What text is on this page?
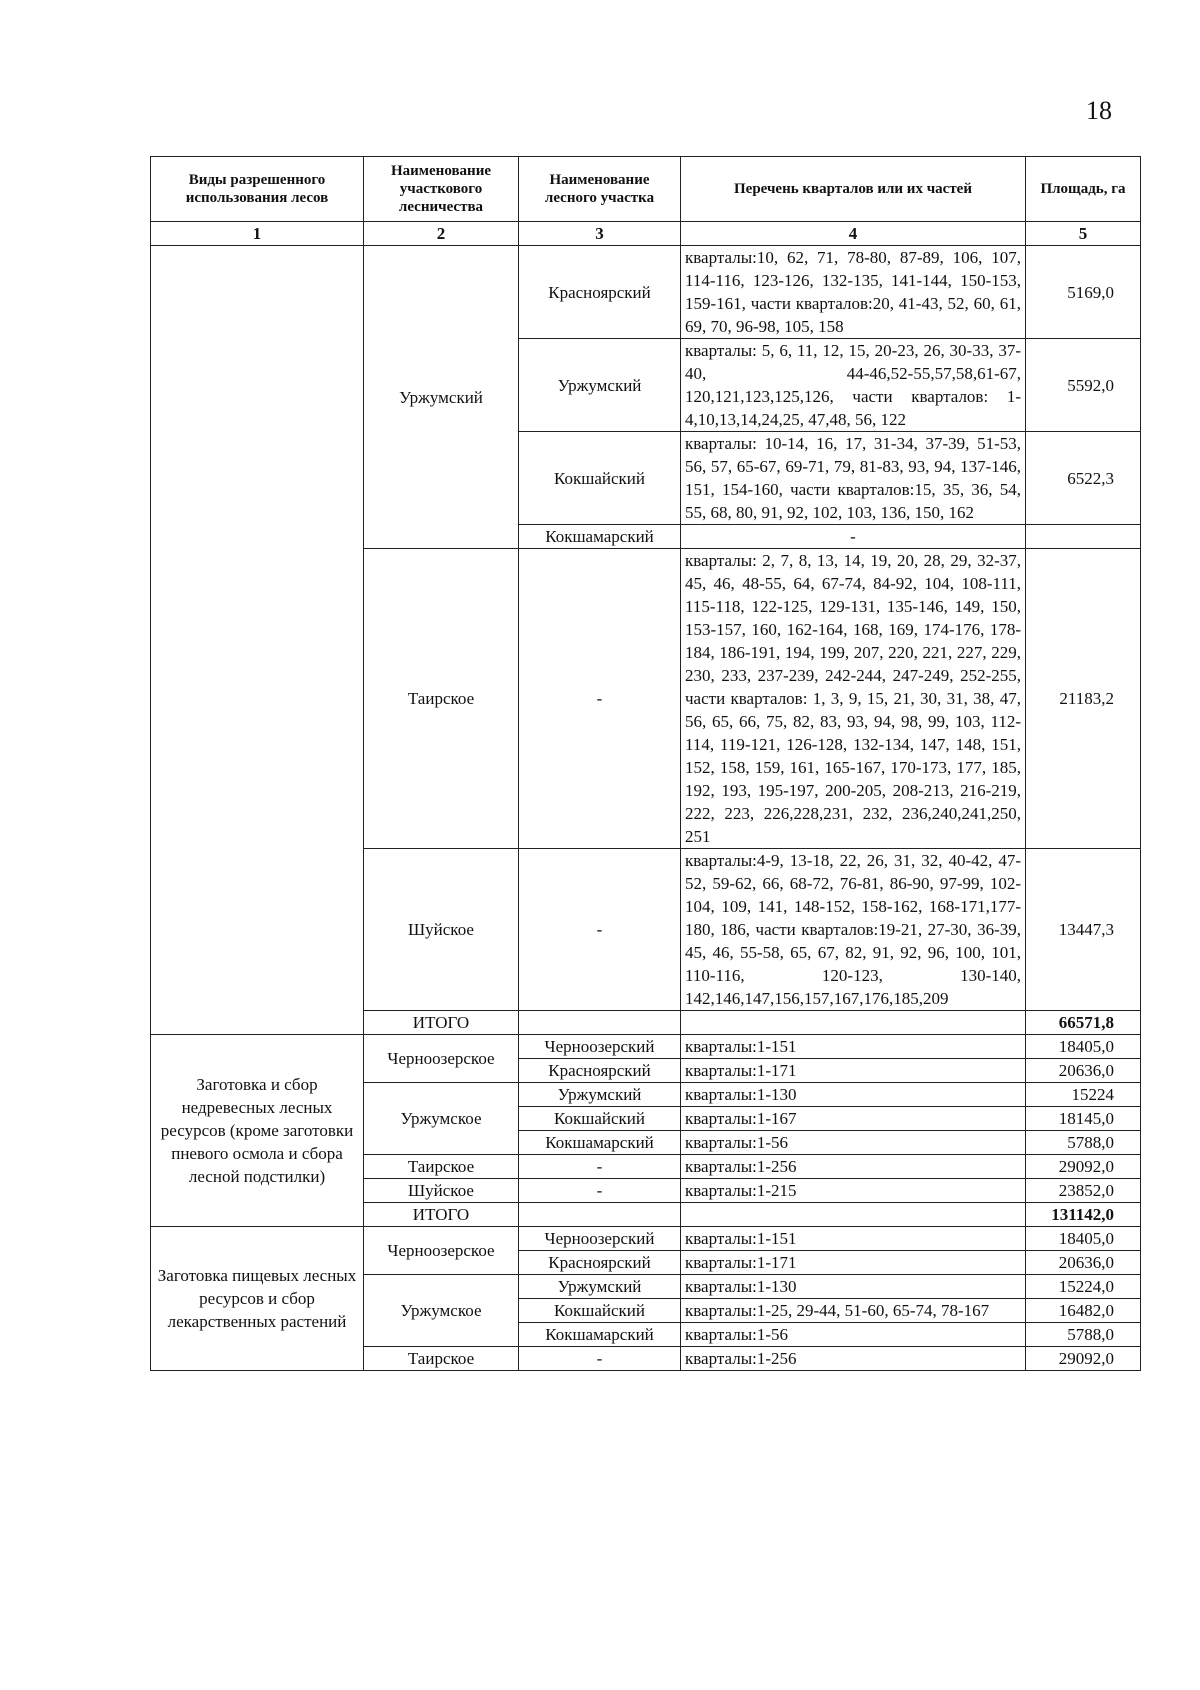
18
Виды разрешенного использования лесов	Наименование участкового лесничества	Наименование лесного участка	Перечень кварталов или их частей	Площадь, га
1	2	3	4	5
	Уржумский	Красноярский	кварталы:10, 62, 71, 78-80, 87-89, 106, 107, 114-116, 123-126, 132-135, 141-144, 150-153, 159-161, части кварталов:20, 41-43, 52, 60, 61, 69, 70, 96-98, 105, 158	5169,0
		Уржумский	кварталы: 5, 6, 11, 12, 15, 20-23, 26, 30-33, 37-40, 44-46,52-55,57,58,61-67, 120,121,123,125,126, части кварталов: 1-4,10,13,14,24,25, 47,48, 56, 122	5592,0
		Кокшайский	кварталы: 10-14, 16, 17, 31-34, 37-39, 51-53, 56, 57, 65-67, 69-71, 79, 81-83, 93, 94, 137-146, 151, 154-160, части кварталов:15, 35, 36, 54, 55, 68, 80, 91, 92, 102, 103, 136, 150, 162	6522,3
		Кокшамарский	-	
	Таирское	-	кварталы: 2, 7, 8, 13, 14, 19, 20, 28, 29, 32-37, 45, 46, 48-55, 64, 67-74, 84-92, 104, 108-111, 115-118, 122-125, 129-131, 135-146, 149, 150, 153-157, 160, 162-164, 168, 169, 174-176, 178-184, 186-191, 194, 199, 207, 220, 221, 227, 229, 230, 233, 237-239, 242-244, 247-249, 252-255, части кварталов: 1, 3, 9, 15, 21, 30, 31, 38, 47, 56, 65, 66, 75, 82, 83, 93, 94, 98, 99, 103, 112-114, 119-121, 126-128, 132-134, 147, 148, 151, 152, 158, 159, 161, 165-167, 170-173, 177, 185, 192, 193, 195-197, 200-205, 208-213, 216-219, 222, 223, 226,228,231, 232, 236,240,241,250, 251	21183,2
	Шуйское	-	кварталы:4-9, 13-18, 22, 26, 31, 32, 40-42, 47-52, 59-62, 66, 68-72, 76-81, 86-90, 97-99, 102-104, 109, 141, 148-152, 158-162, 168-171,177-180, 186, части кварталов:19-21, 27-30, 36-39, 45, 46, 55-58, 65, 67, 82, 91, 92, 96, 100, 101, 110-116, 120-123, 130-140, 142,146,147,156,157,167,176,185,209	13447,3
	ИТОГО			66571,8
Заготовка и сбор недревесных лесных ресурсов (кроме заготовки пневого осмола и сбора лесной подстилки)	Черноозерское	Черноозерский	кварталы:1-151	18405,0
		Красноярский	кварталы:1-171	20636,0
	Уржумское	Уржумский	кварталы:1-130	15224
		Кокшайский	кварталы:1-167	18145,0
		Кокшамарский	кварталы:1-56	5788,0
	Таирское	-	кварталы:1-256	29092,0
	Шуйское	-	кварталы:1-215	23852,0
	ИТОГО			131142,0
Заготовка пищевых лесных ресурсов и сбор лекарственных растений	Черноозерское	Черноозерский	кварталы:1-151	18405,0
		Красноярский	кварталы:1-171	20636,0
	Уржумское	Уржумский	кварталы:1-130	15224,0
		Кокшайский	кварталы:1-25, 29-44, 51-60, 65-74, 78-167	16482,0
		Кокшамарский	кварталы:1-56	5788,0
	Таирское	-	кварталы:1-256	29092,0
